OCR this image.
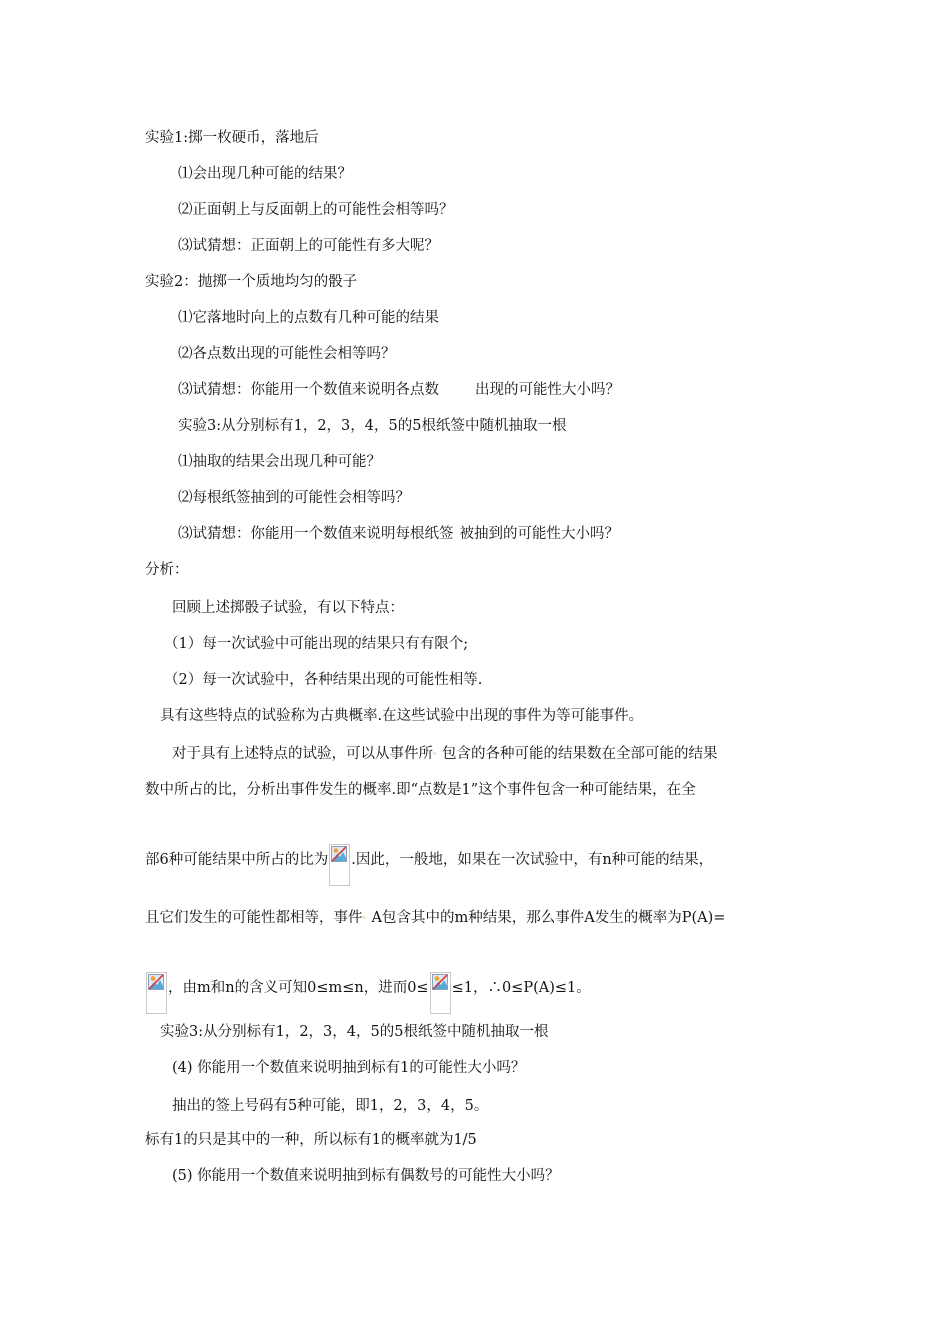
实验1:掷一枚硬币，落地后
⑴会出现几种可能的结果？
⑵正面朝上与反面朝上的可能性会相等吗？
⑶试猜想：正面朝上的可能性有多大呢？
实验2：抛掷一个质地均匀的骰子
⑴它落地时向上的点数有几种可能的结果
⑵各点数出现的可能性会相等吗？
⑶试猜想：你能用一个数值来说明各点数 出现的可能性大小吗？
实验3:从分别标有1，2，3，4，5的5根纸签中随机抽取一根
⑴抽取的结果会出现几种可能？
⑵每根纸签抽到的可能性会相等吗？
⑶试猜想：你能用一个数值来说明每根纸签 被抽到的可能性大小吗？
分析：
回顾上述掷骰子试验，有以下特点：
（1）每一次试验中可能出现的结果只有有限个;
（2）每一次试验中，各种结果出现的可能性相等.
具有这些特点的试验称为古典概率.在这些试验中出现的事件为等可能事件。
对于具有上述特点的试验，可以从事件所。包含的各种可能的结果数在全部可能的结果
数中所占的比，分析出事件发生的概率.即“点数是1”这个事件包含一种可能结果，在全
部6种可能结果中所占的比为 .因此，一般地，如果在一次试验中，有n种可能的结果，
且它们发生的可能性都相等，事件。A包含其中的m种结果，那么事件A发生的概率为P(A)=
，由m和n的含义可知0≤m≤n，进而0≤ ≤1，∴0≤P(A)≤1。
实验3:从分别标有1，2，3，4，5的5根纸签中随机抽取一根
(4) 你能用一个数值来说明抽到标有1的可能性大小吗？
抽出的签上号码有5种可能，即1，2，3，4，5。
标有1的只是其中的一种，所以标有1的概率就为1/5
(5) 你能用一个数值来说明抽到标有偶数号的可能性大小吗？
